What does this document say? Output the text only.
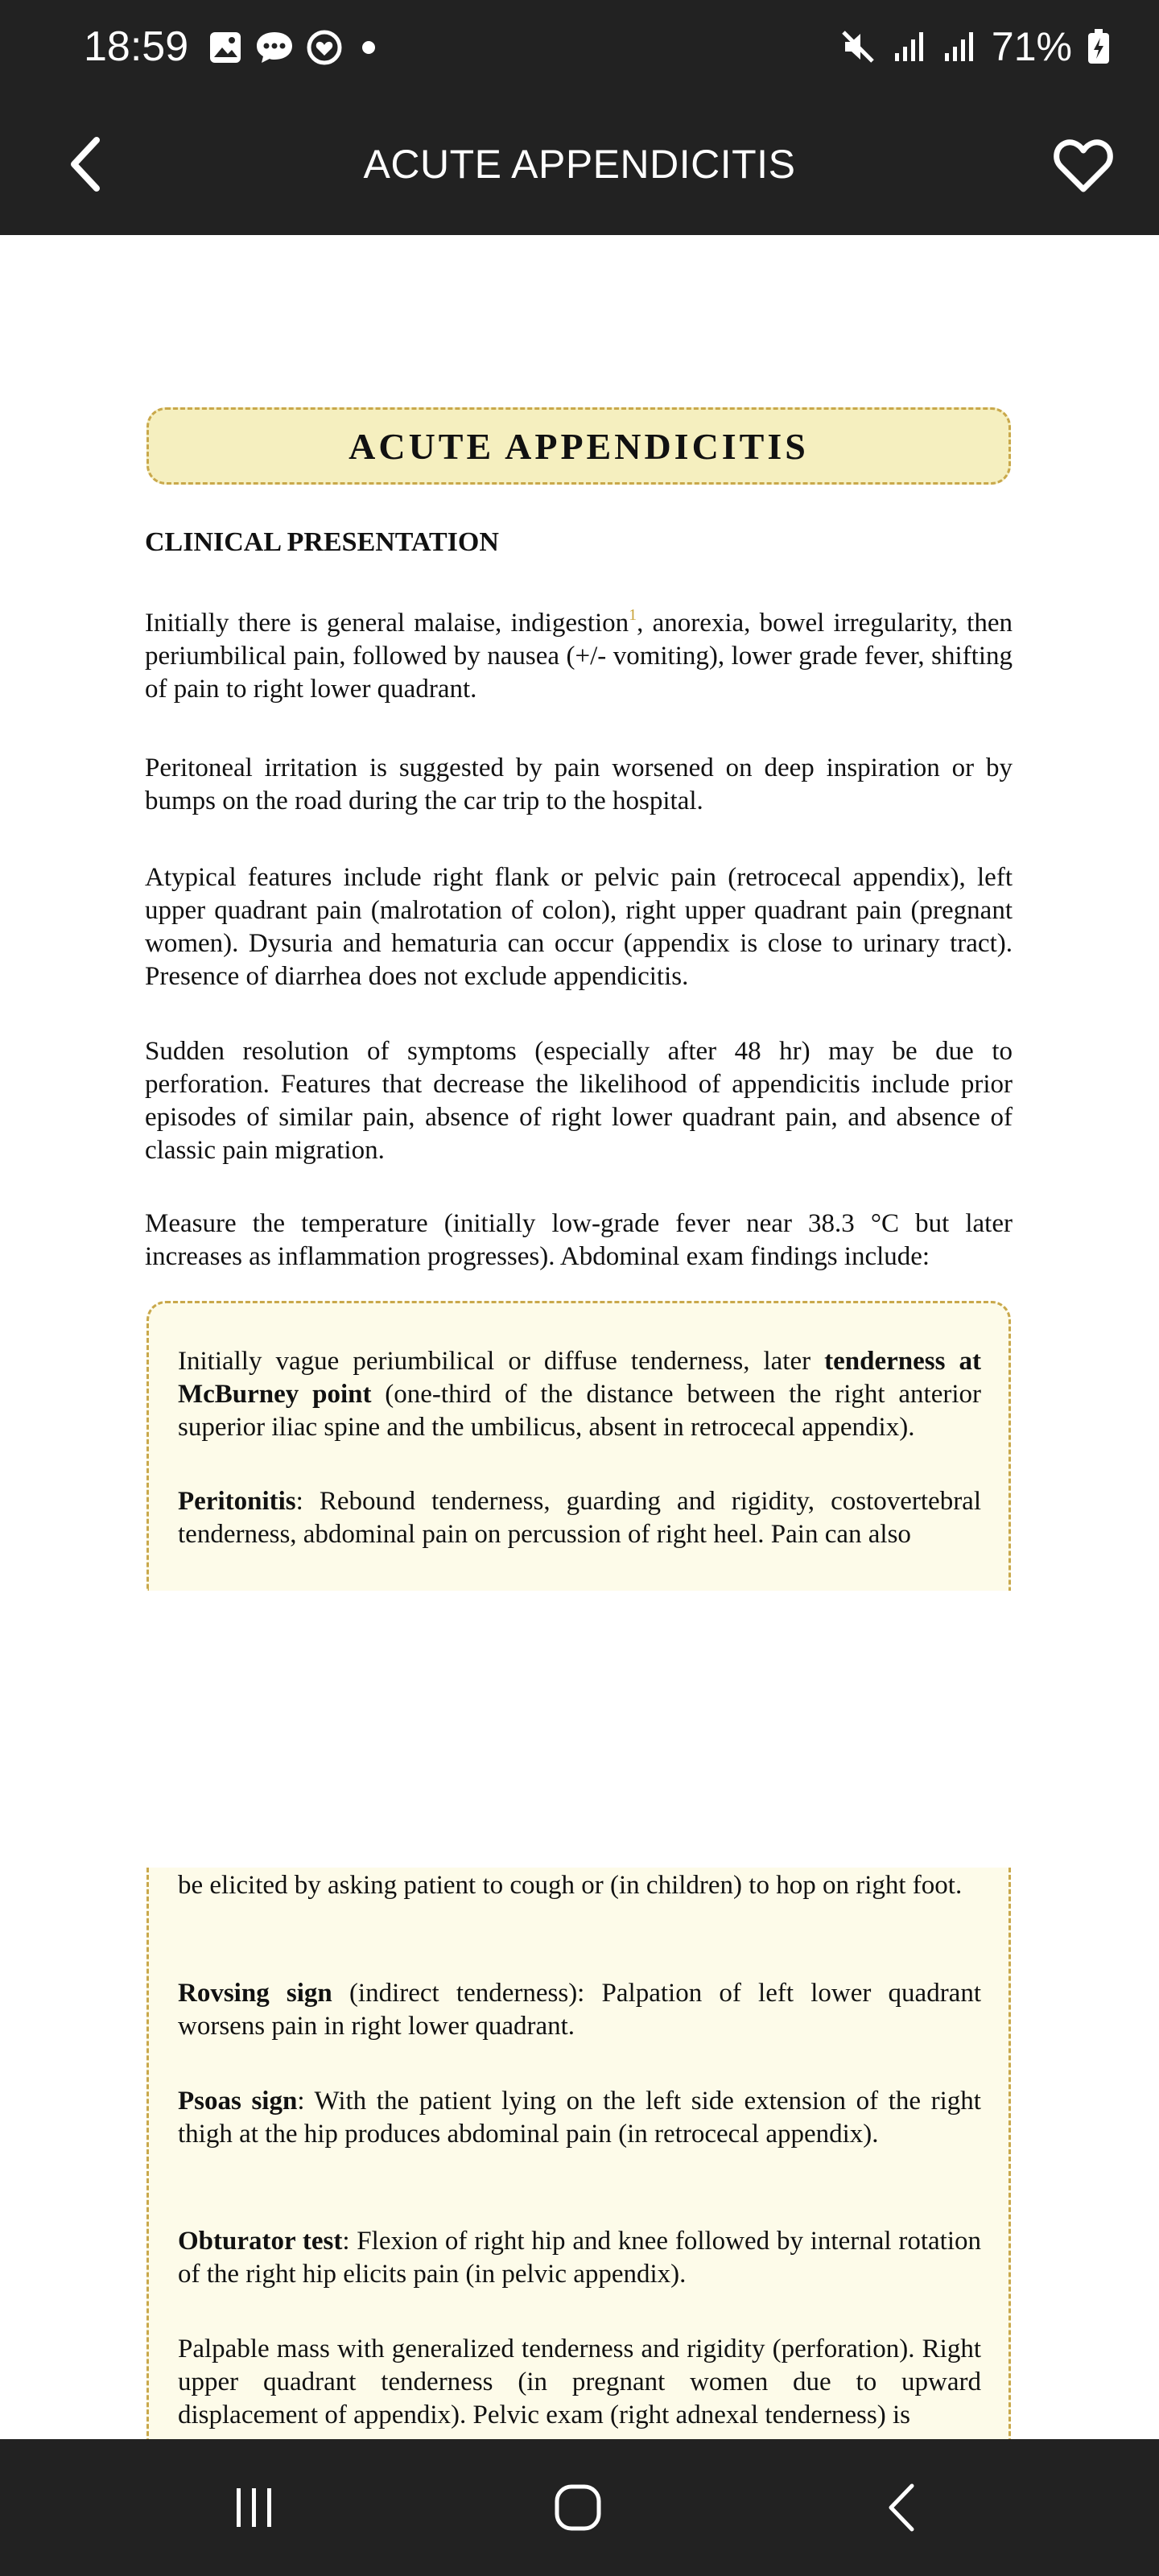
18:59	71%
ACUTE APPENDICITIS
ACUTE APPENDICITIS
CLINICAL PRESENTATION

Initially there is general malaise, indigestion$^1$, anorexia, bowel irregularity, then periumbilical pain, followed by nausea (+/- vomiting), lower grade fever, shifting of pain to right lower quadrant.

Peritoneal irritation is suggested by pain worsened on deep inspiration or by bumps on the road during the car trip to the hospital.

Atypical features include right flank or pelvic pain (retrocecal appendix), left upper quadrant pain (malrotation of colon), right upper quadrant pain (pregnant women). Dysuria and hematuria can occur (appendix is close to urinary tract). Presence of diarrhea does not exclude appendicitis.

Sudden resolution of symptoms (especially after 48 hr) may be due to perforation. Features that decrease the likelihood of appendicitis include prior episodes of similar pain, absence of right lower quadrant pain, and absence of classic pain migration.

Measure the temperature (initially low-grade fever near 38.3 °C but later increases as inflammation progresses). Abdominal exam findings include:

Initially vague periumbilical or diffuse tenderness, later tenderness at McBurney point (one-third of the distance between the right anterior superior iliac spine and the umbilicus, absent in retrocecal appendix).

Peritonitis: Rebound tenderness, guarding and rigidity, costovertebral tenderness, abdominal pain on percussion of right heel. Pain can also

be elicited by asking patient to cough or (in children) to hop on right foot.

Rovsing sign (indirect tenderness): Palpation of left lower quadrant worsens pain in right lower quadrant.

Psoas sign: With the patient lying on the left side extension of the right thigh at the hip produces abdominal pain (in retrocecal appendix).

Obturator test: Flexion of right hip and knee followed by internal rotation of the right hip elicits pain (in pelvic appendix).

Palpable mass with generalized tenderness and rigidity (perforation). Right upper quadrant tenderness (in pregnant women due to upward displacement of appendix). Pelvic exam (right adnexal tenderness) is
